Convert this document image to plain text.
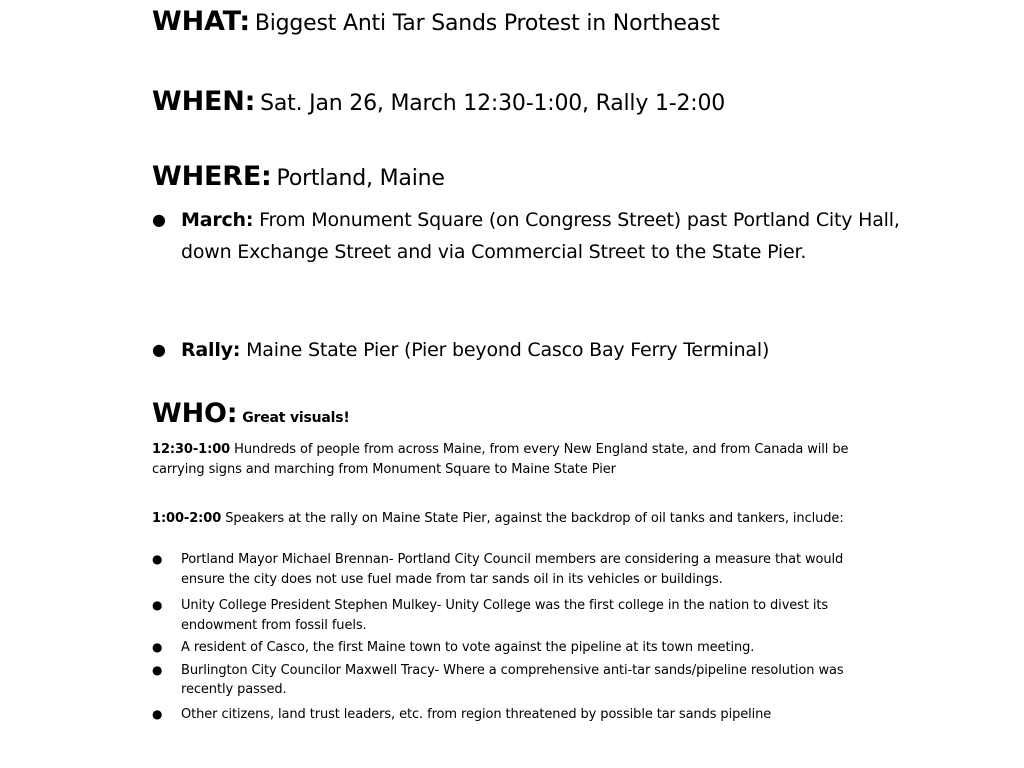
WHAT: Biggest Anti Tar Sands Protest in Northeast
WHEN: Sat. Jan 26, March 12:30-1:00, Rally 1-2:00
WHERE: Portland, Maine
● March: From Monument Square (on Congress Street) past Portland City Hall, down Exchange Street and via Commercial Street to the State Pier.
● Rally: Maine State Pier (Pier beyond Casco Bay Ferry Terminal)
WHO: Great visuals!
12:30-1:00 Hundreds of people from across Maine, from every New England state, and from Canada will be carrying signs and marching from Monument Square to Maine State Pier
1:00-2:00 Speakers at the rally on Maine State Pier, against the backdrop of oil tanks and tankers, include:
● Portland Mayor Michael Brennan- Portland City Council members are considering a measure that would ensure the city does not use fuel made from tar sands oil in its vehicles or buildings.
● Unity College President Stephen Mulkey- Unity College was the first college in the nation to divest its endowment from fossil fuels.
● A resident of Casco, the first Maine town to vote against the pipeline at its town meeting.
● Burlington City Councilor Maxwell Tracy- Where a comprehensive anti-tar sands/pipeline resolution was recently passed.
● Other citizens, land trust leaders, etc. from region threatened by possible tar sands pipeline
